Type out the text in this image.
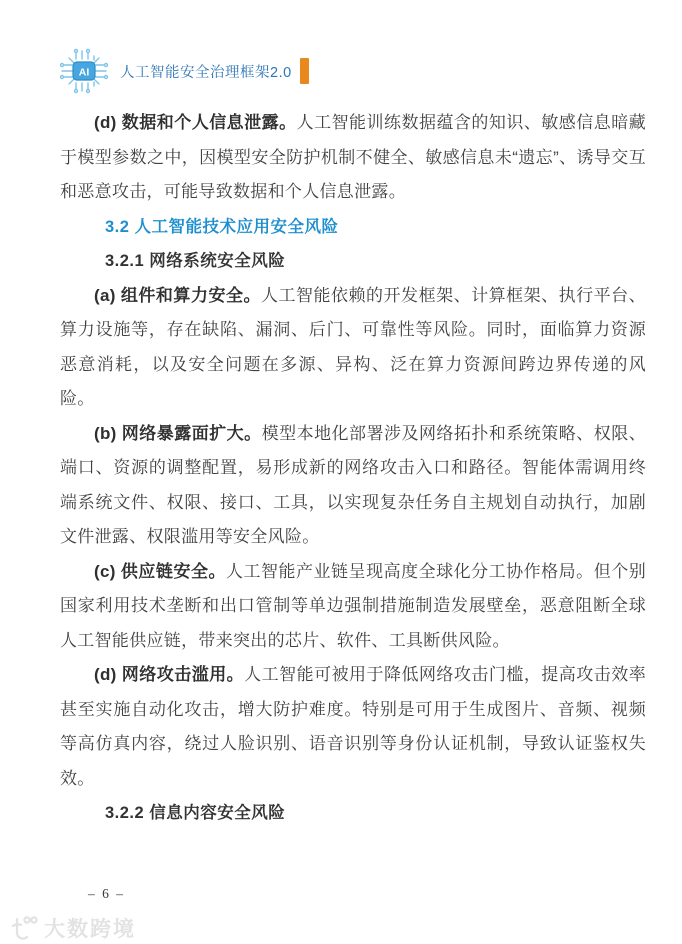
AI 人工智能安全治理框架2.0

(d) 数据和个人信息泄露。人工智能训练数据蕴含的知识、敏感信息暗藏于模型参数之中，因模型安全防护机制不健全、敏感信息未“遗忘”、诱导交互和恶意攻击，可能导致数据和个人信息泄露。

3.2 人工智能技术应用安全风险
3.2.1 网络系统安全风险

(a) 组件和算力安全。人工智能依赖的开发框架、计算框架、执行平台、算力设施等，存在缺陷、漏洞、后门、可靠性等风险。同时，面临算力资源恶意消耗，以及安全问题在多源、异构、泛在算力资源间跨边界传递的风险。

(b) 网络暴露面扩大。模型本地化部署涉及网络拓扑和系统策略、权限、端口、资源的调整配置，易形成新的网络攻击入口和路径。智能体需调用终端系统文件、权限、接口、工具，以实现复杂任务自主规划自动执行，加剧文件泄露、权限滥用等安全风险。

(c) 供应链安全。人工智能产业链呈现高度全球化分工协作格局。但个别国家利用技术垄断和出口管制等单边强制措施制造发展壁垒，恶意阻断全球人工智能供应链，带来突出的芯片、软件、工具断供风险。

(d) 网络攻击滥用。人工智能可被用于降低网络攻击门槛，提高攻击效率甚至实施自动化攻击，增大防护难度。特别是可用于生成图片、音频、视频等高仿真内容，绕过人脸识别、语音识别等身份认证机制，导致认证鉴权失效。

3.2.2 信息内容安全风险
– 6 –
大数跨境
